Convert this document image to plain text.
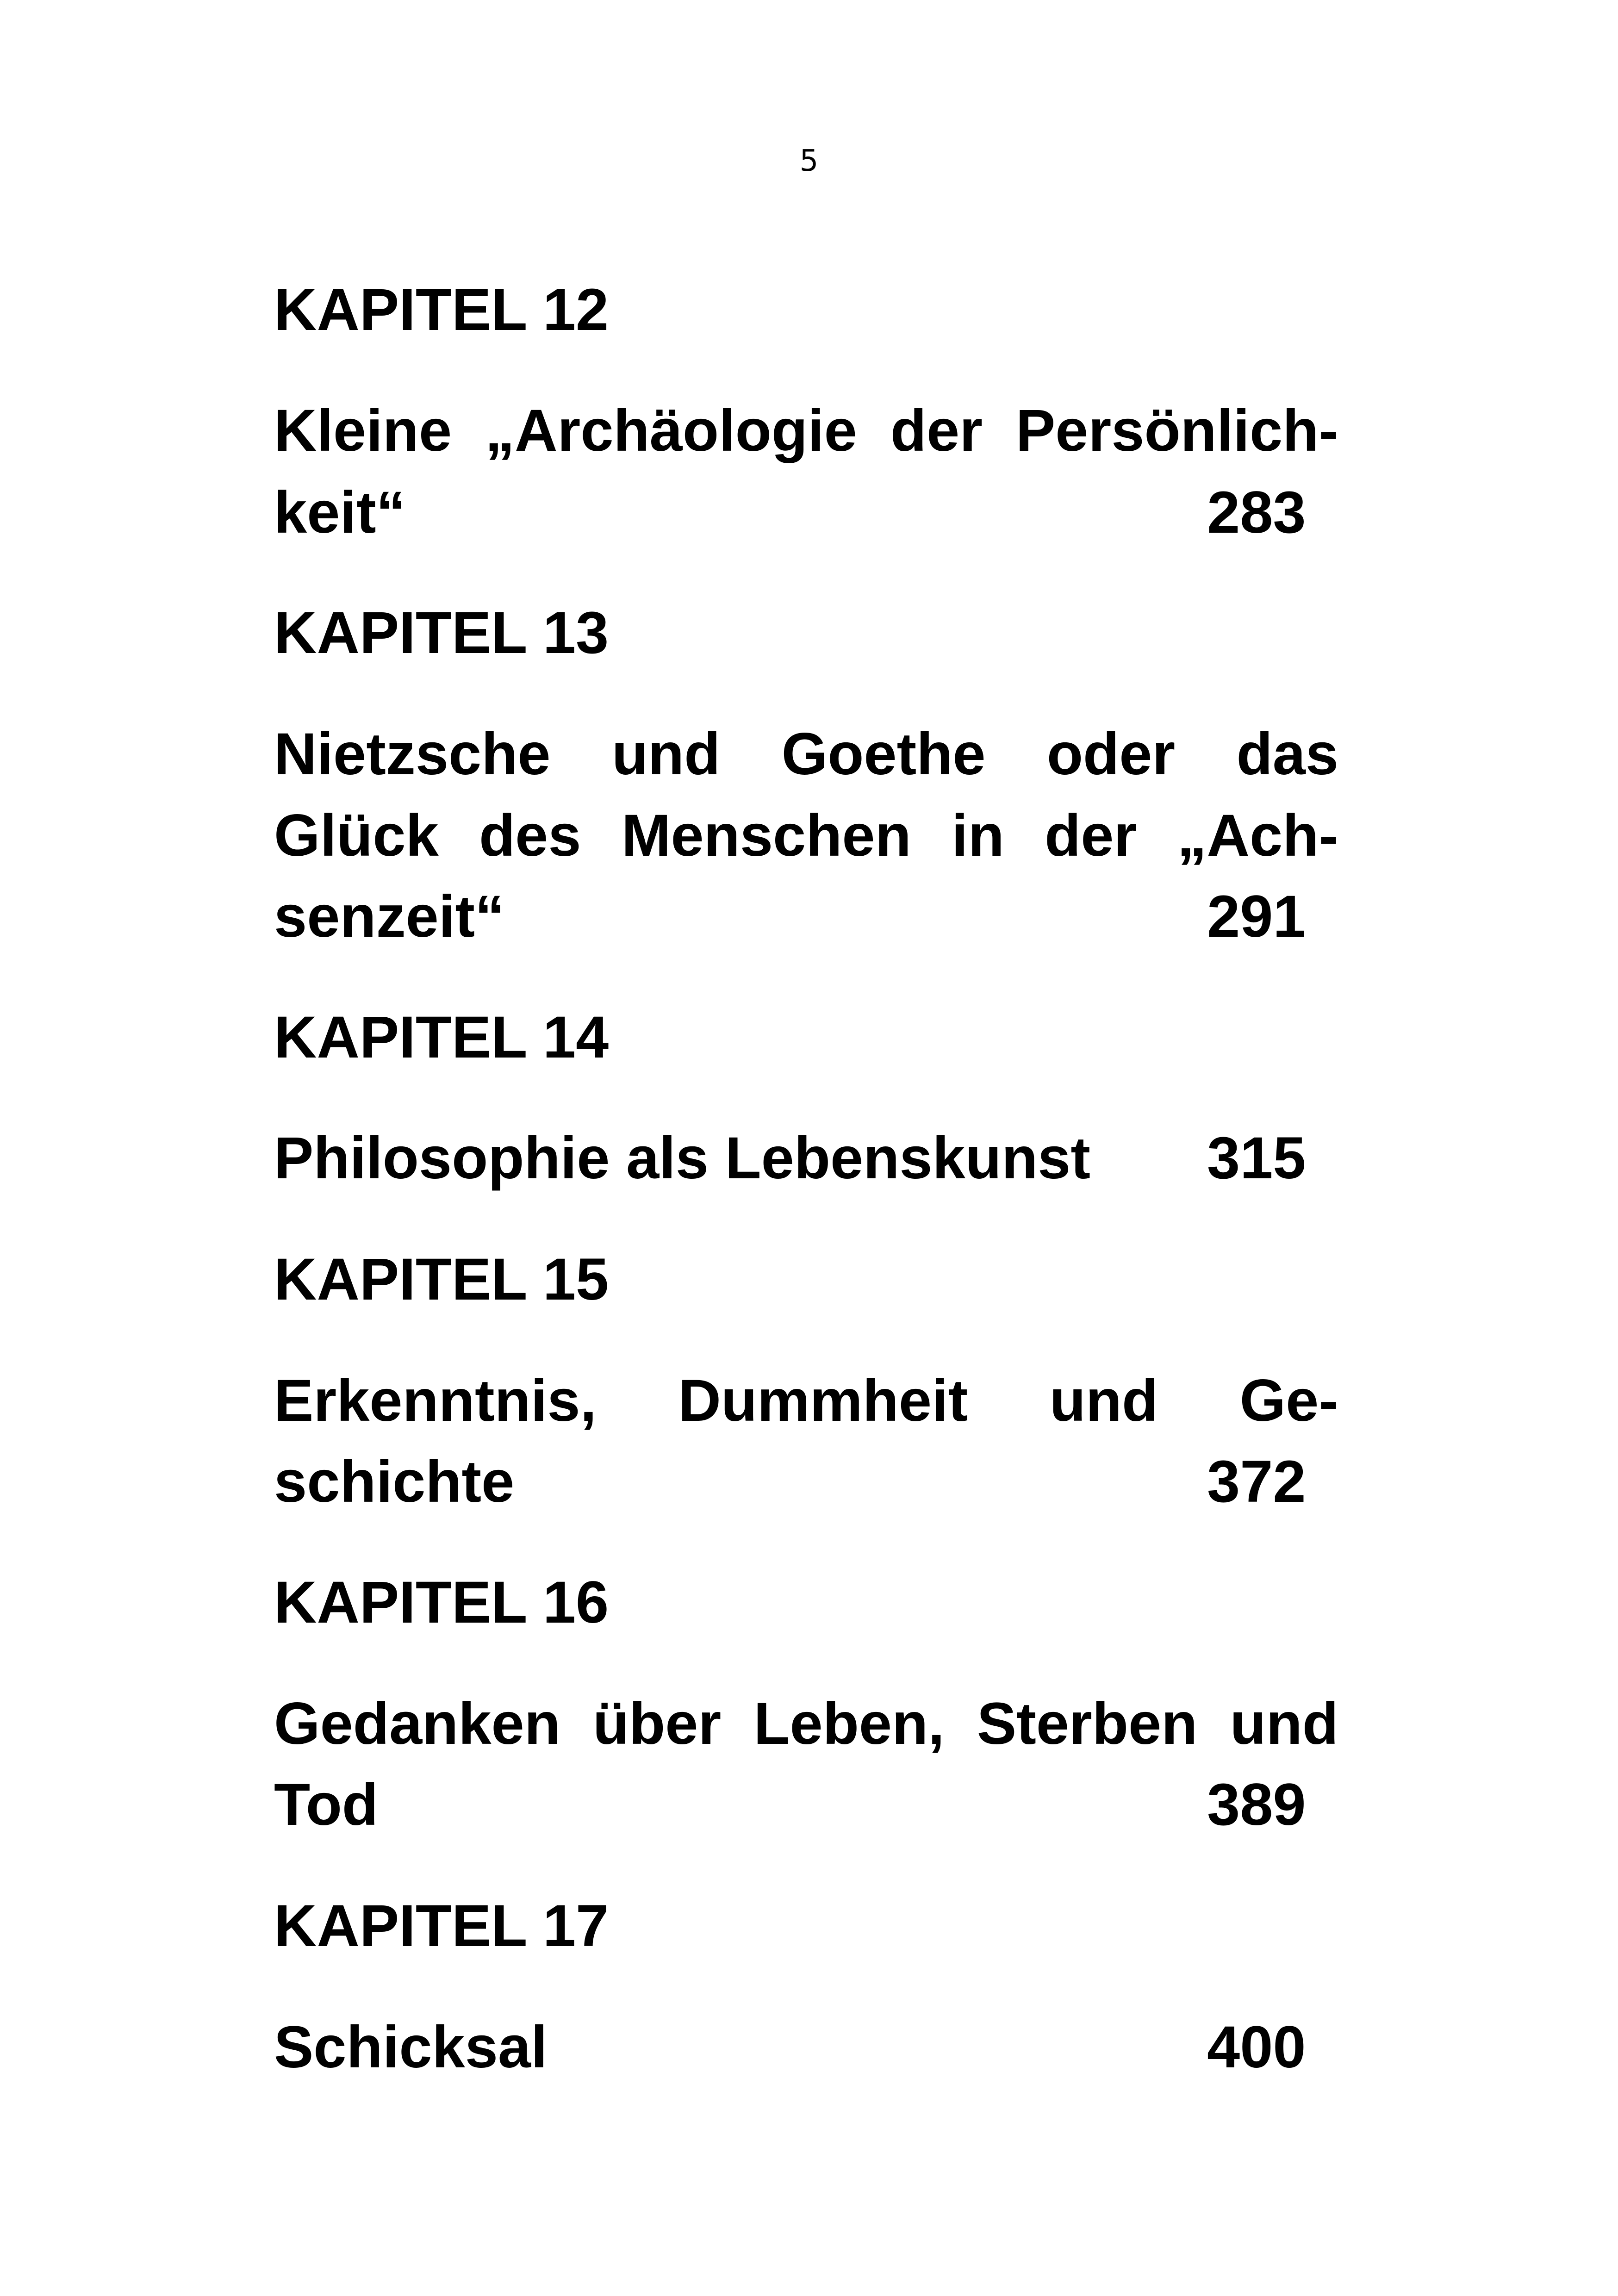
5
KAPITEL 12
Kleine „Archäologie der Persönlich-
keit“	283
KAPITEL 13
Nietzsche und Goethe oder das
Glück des Menschen in der „Ach-
senzeit“	291
KAPITEL 14
Philosophie als Lebenskunst	315
KAPITEL 15
Erkenntnis, Dummheit und Ge-
schichte	372
KAPITEL 16
Gedanken über Leben, Sterben und
Tod	389
KAPITEL 17
Schicksal	400
